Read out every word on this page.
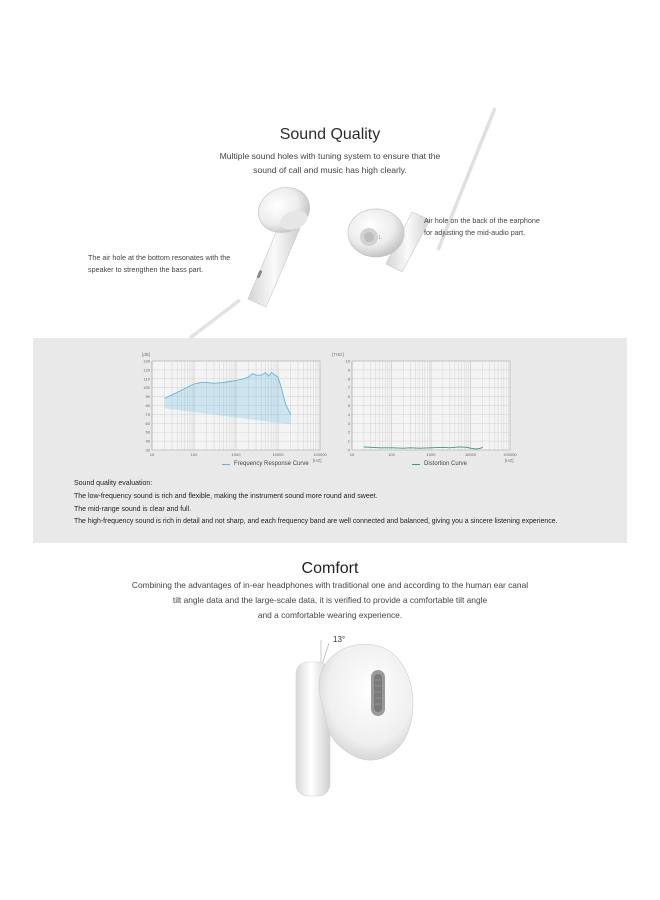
Sound Quality
Multiple sound holes with tuning system to ensure that the
sound of call and music has high clearly.
L
Air hole on the back of the earphone
for adjusting the mid-audio part.
The air hole at the bottom resonates with the
speaker to strengthen the bass part.
[dB]
30
40
50
60
70
80
90
100
110
120
130
10	100	1000	10000	100000
[HZ]
Frequency Response Curve
[THD]
0
1
2
3
4
5
6
7
8
9
10
10	100	1000	10000	100000
[HZ]
Distortion Curve
Sound quality evaluation:
The low-frequency sound is rich and flexible, making the instrument sound more round and sweet.
The mid-range sound is clear and full.
The high-frequency sound is rich in detail and not sharp, and each frequency band are well connected and balanced, giving you a sincere listening experience.
Comfort
Combining the advantages of in-ear headphones with traditional one and according to the human ear canal
tilt angle data and the large-scale data, it is verified to provide a comfortable tilt angle
and a comfortable wearing experience.
13°
